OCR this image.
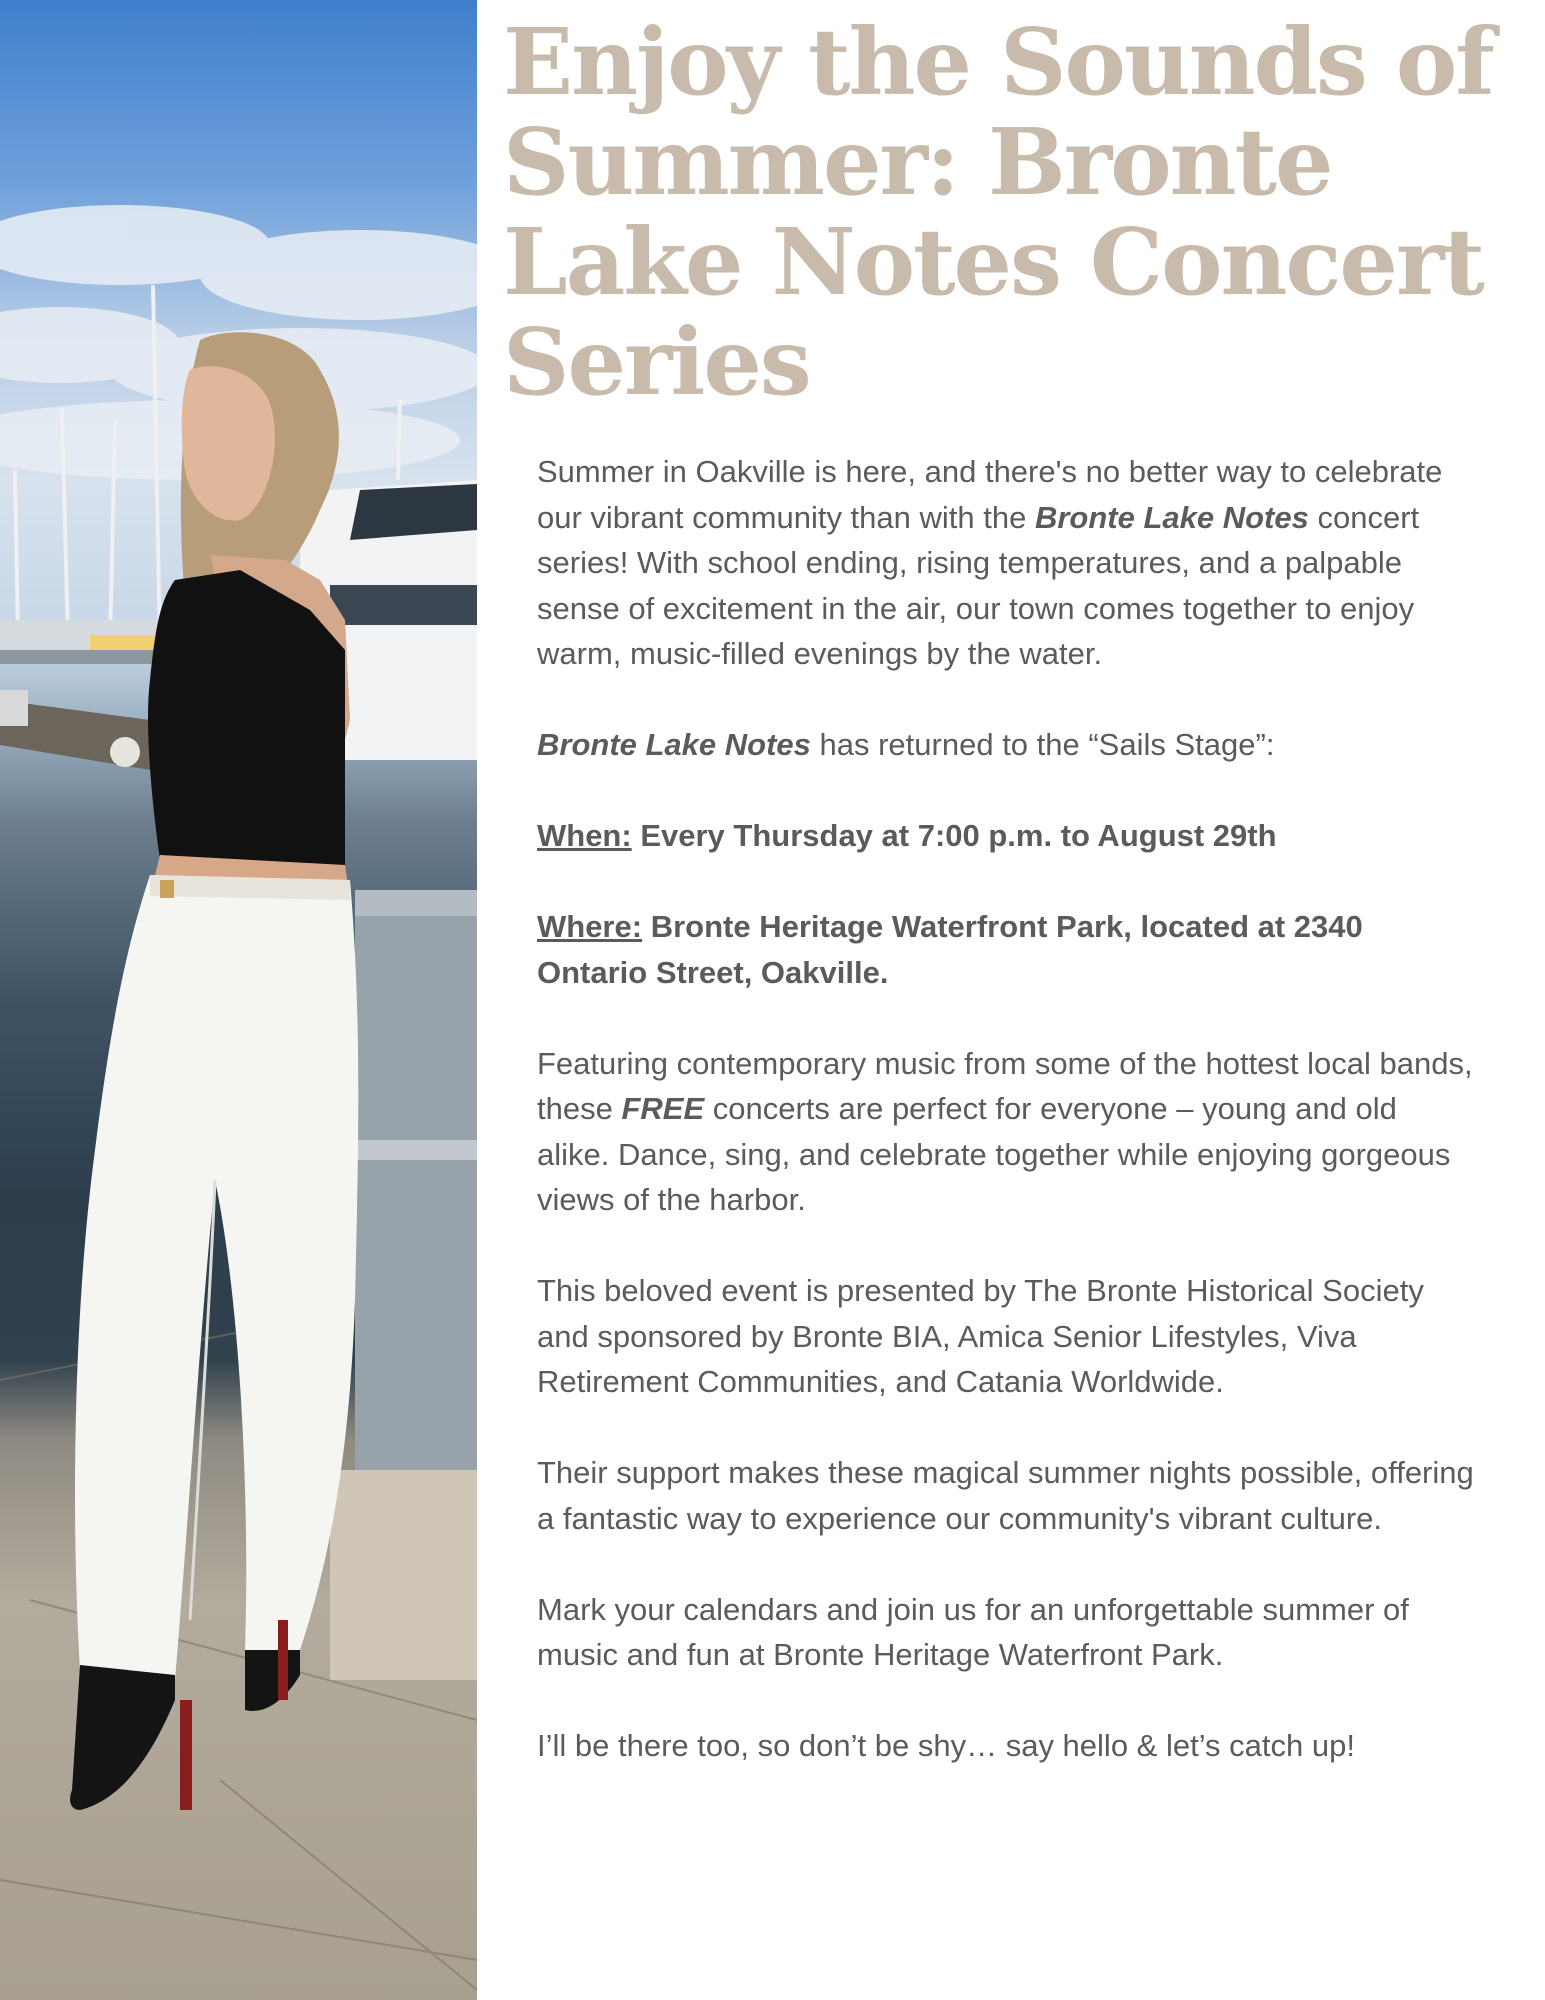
Enjoy the Sounds of
Summer: Bronte
Lake Notes Concert
Series

Summer in Oakville is here, and there's no better way to celebrate our vibrant community than with the Bronte Lake Notes concert series! With school ending, rising temperatures, and a palpable sense of excitement in the air, our town comes together to enjoy warm, music-filled evenings by the water.

Bronte Lake Notes has returned to the “Sails Stage”:

When: Every Thursday at 7:00 p.m. to August 29th

Where: Bronte Heritage Waterfront Park, located at 2340 Ontario Street, Oakville.

Featuring contemporary music from some of the hottest local bands, these FREE concerts are perfect for everyone – young and old alike. Dance, sing, and celebrate together while enjoying gorgeous views of the harbor.

This beloved event is presented by The Bronte Historical Society and sponsored by Bronte BIA, Amica Senior Lifestyles, Viva Retirement Communities, and Catania Worldwide.

Their support makes these magical summer nights possible, offering a fantastic way to experience our community's vibrant culture.

Mark your calendars and join us for an unforgettable summer of music and fun at Bronte Heritage Waterfront Park.

I’ll be there too, so don’t be shy… say hello & let’s catch up!
